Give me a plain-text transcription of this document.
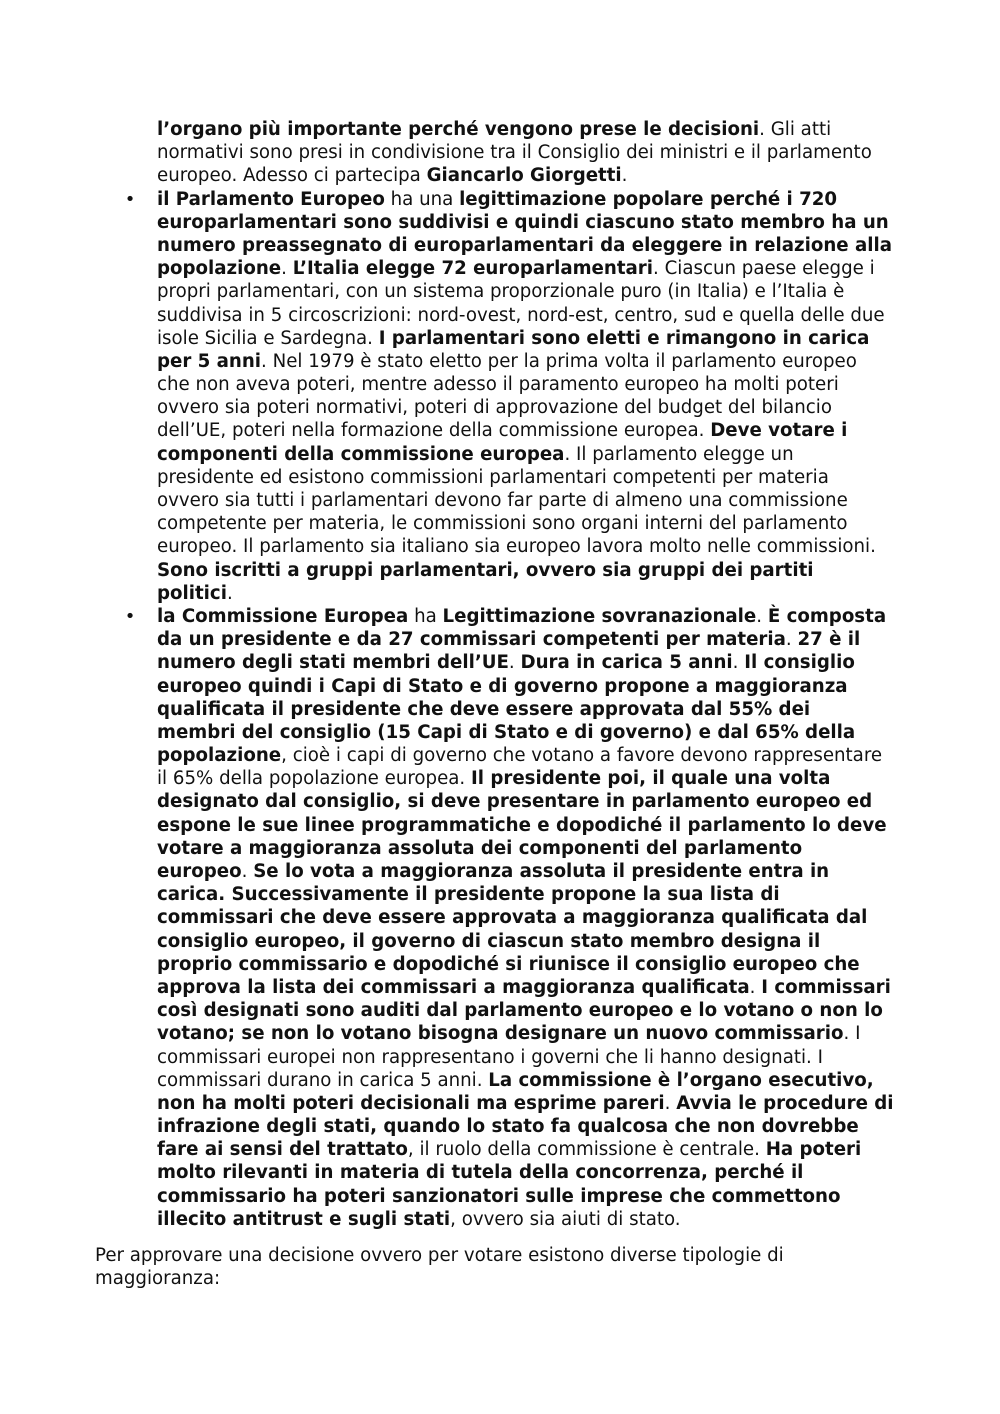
l’organo più importante perché vengono prese le decisioni. Gli atti
normativi sono presi in condivisione tra il Consiglio dei ministri e il parlamento
europeo. Adesso ci partecipa Giancarlo Giorgetti.
• il Parlamento Europeo ha una legittimazione popolare perché i 720
europarlamentari sono suddivisi e quindi ciascuno stato membro ha un
numero preassegnato di europarlamentari da eleggere in relazione alla
popolazione. L’Italia elegge 72 europarlamentari. Ciascun paese elegge i
propri parlamentari, con un sistema proporzionale puro (in Italia) e l’Italia è
suddivisa in 5 circoscrizioni: nord-ovest, nord-est, centro, sud e quella delle due
isole Sicilia e Sardegna. I parlamentari sono eletti e rimangono in carica
per 5 anni. Nel 1979 è stato eletto per la prima volta il parlamento europeo
che non aveva poteri, mentre adesso il paramento europeo ha molti poteri
ovvero sia poteri normativi, poteri di approvazione del budget del bilancio
dell’UE, poteri nella formazione della commissione europea. Deve votare i
componenti della commissione europea. Il parlamento elegge un
presidente ed esistono commissioni parlamentari competenti per materia
ovvero sia tutti i parlamentari devono far parte di almeno una commissione
competente per materia, le commissioni sono organi interni del parlamento
europeo. Il parlamento sia italiano sia europeo lavora molto nelle commissioni.
Sono iscritti a gruppi parlamentari, ovvero sia gruppi dei partiti
politici.
• la Commissione Europea ha Legittimazione sovranazionale. È composta
da un presidente e da 27 commissari competenti per materia. 27 è il
numero degli stati membri dell’UE. Dura in carica 5 anni. Il consiglio
europeo quindi i Capi di Stato e di governo propone a maggioranza
qualificata il presidente che deve essere approvata dal 55% dei
membri del consiglio (15 Capi di Stato e di governo) e dal 65% della
popolazione, cioè i capi di governo che votano a favore devono rappresentare
il 65% della popolazione europea. Il presidente poi, il quale una volta
designato dal consiglio, si deve presentare in parlamento europeo ed
espone le sue linee programmatiche e dopodiché il parlamento lo deve
votare a maggioranza assoluta dei componenti del parlamento
europeo. Se lo vota a maggioranza assoluta il presidente entra in
carica. Successivamente il presidente propone la sua lista di
commissari che deve essere approvata a maggioranza qualificata dal
consiglio europeo, il governo di ciascun stato membro designa il
proprio commissario e dopodiché si riunisce il consiglio europeo che
approva la lista dei commissari a maggioranza qualificata. I commissari
così designati sono auditi dal parlamento europeo e lo votano o non lo
votano; se non lo votano bisogna designare un nuovo commissario. I
commissari europei non rappresentano i governi che li hanno designati. I
commissari durano in carica 5 anni. La commissione è l’organo esecutivo,
non ha molti poteri decisionali ma esprime pareri. Avvia le procedure di
infrazione degli stati, quando lo stato fa qualcosa che non dovrebbe
fare ai sensi del trattato, il ruolo della commissione è centrale. Ha poteri
molto rilevanti in materia di tutela della concorrenza, perché il
commissario ha poteri sanzionatori sulle imprese che commettono
illecito antitrust e sugli stati, ovvero sia aiuti di stato.
Per approvare una decisione ovvero per votare esistono diverse tipologie di
maggioranza:
